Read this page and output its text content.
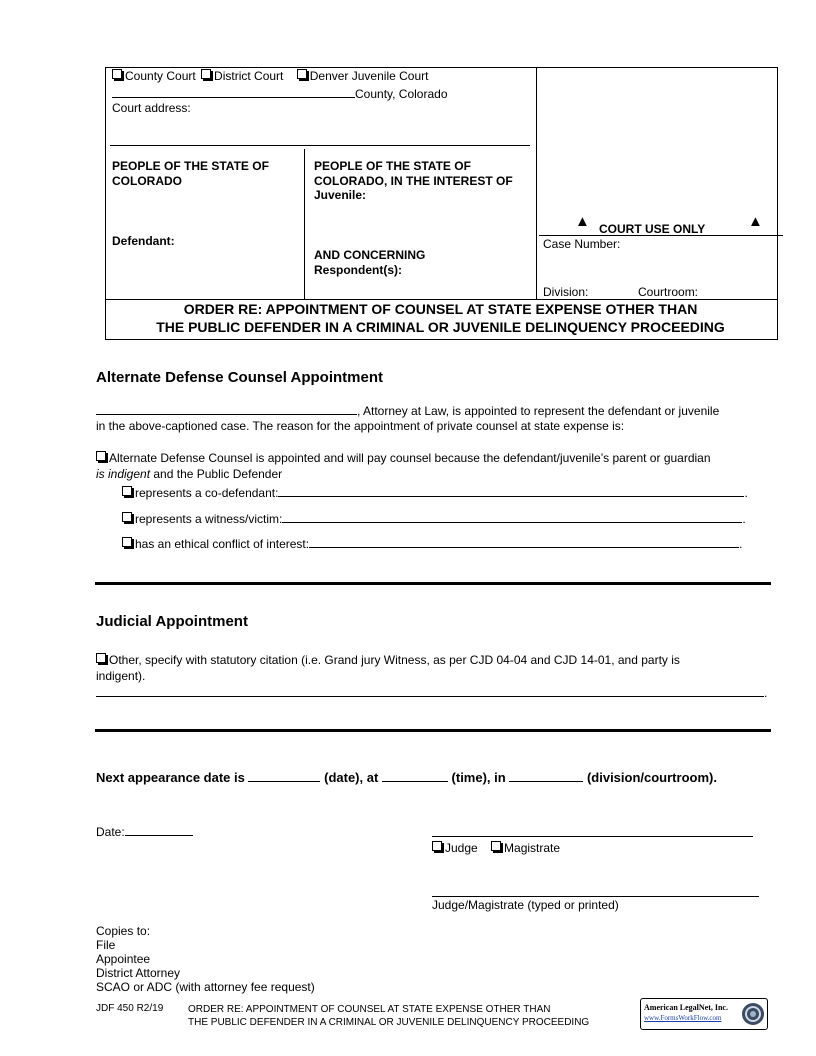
County Court District Court Denver Juvenile Court
County, Colorado
Court address:
PEOPLE OF THE STATE OF COLORADO
Defendant:
PEOPLE OF THE STATE OF COLORADO, IN THE INTEREST OF
Juvenile:
AND CONCERNING
Respondent(s):
▲ COURT USE ONLY	▲
Case Number:
Division:	Courtroom:
ORDER RE: APPOINTMENT OF COUNSEL AT STATE EXPENSE OTHER THAN
THE PUBLIC DEFENDER IN A CRIMINAL OR JUVENILE DELINQUENCY PROCEEDING
Alternate Defense Counsel Appointment
, Attorney at Law, is appointed to represent the defendant or juvenile
in the above-captioned case. The reason for the appointment of private counsel at state expense is:
Alternate Defense Counsel is appointed and will pay counsel because the defendant/juvenile’s parent or guardian
is indigent and the Public Defender
represents a co-defendant:	.
represents a witness/victim:	.
has an ethical conflict of interest:	.
Judicial Appointment
Other, specify with statutory citation (i.e. Grand jury Witness, as per CJD 04-04 and CJD 14-01, and party is
indigent).
.
Next appearance date is	(date), at	(time), in	(division/courtroom).
Date:
Judge Magistrate
Judge/Magistrate (typed or printed)
Copies to:
File
Appointee
District Attorney
SCAO or ADC (with attorney fee request)
JDF 450 R2/19 ORDER RE: APPOINTMENT OF COUNSEL AT STATE EXPENSE OTHER THAN
THE PUBLIC DEFENDER IN A CRIMINAL OR JUVENILE DELINQUENCY PROCEEDING
American LegalNet, Inc.
www.FormsWorkFlow.com
